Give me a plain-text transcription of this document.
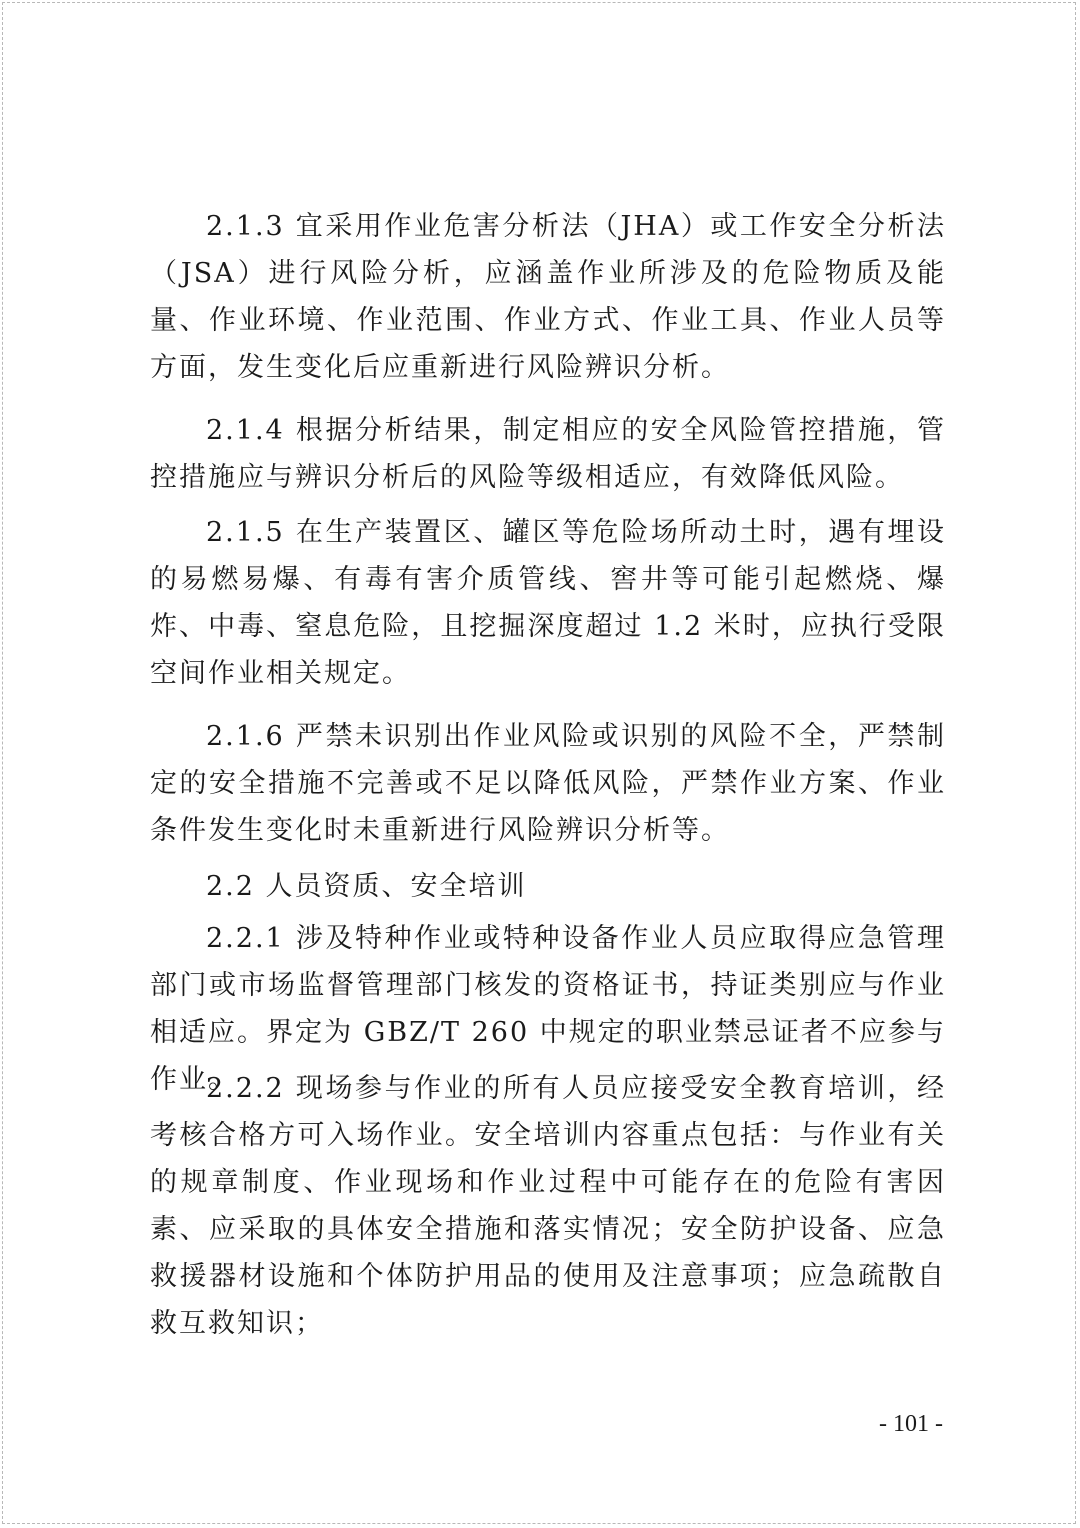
2.1.3 宜采用作业危害分析法（JHA）或工作安全分析法（JSA）进行风险分析，应涵盖作业所涉及的危险物质及能量、作业环境、作业范围、作业方式、作业工具、作业人员等方面，发生变化后应重新进行风险辨识分析。

2.1.4 根据分析结果，制定相应的安全风险管控措施，管控措施应与辨识分析后的风险等级相适应，有效降低风险。

2.1.5 在生产装置区、罐区等危险场所动土时，遇有埋设的易燃易爆、有毒有害介质管线、窖井等可能引起燃烧、爆炸、中毒、窒息危险，且挖掘深度超过 1.2 米时，应执行受限空间作业相关规定。

2.1.6 严禁未识别出作业风险或识别的风险不全，严禁制定的安全措施不完善或不足以降低风险，严禁作业方案、作业条件发生变化时未重新进行风险辨识分析等。

2.2 人员资质、安全培训

2.2.1 涉及特种作业或特种设备作业人员应取得应急管理部门或市场监督管理部门核发的资格证书，持证类别应与作业相适应。界定为 GBZ/T 260 中规定的职业禁忌证者不应参与作业。

2.2.2 现场参与作业的所有人员应接受安全教育培训，经考核合格方可入场作业。安全培训内容重点包括：与作业有关的规章制度、作业现场和作业过程中可能存在的危险有害因素、应采取的具体安全措施和落实情况；安全防护设备、应急救援器材设施和个体防护用品的使用及注意事项；应急疏散自救互救知识；

- 101 -
